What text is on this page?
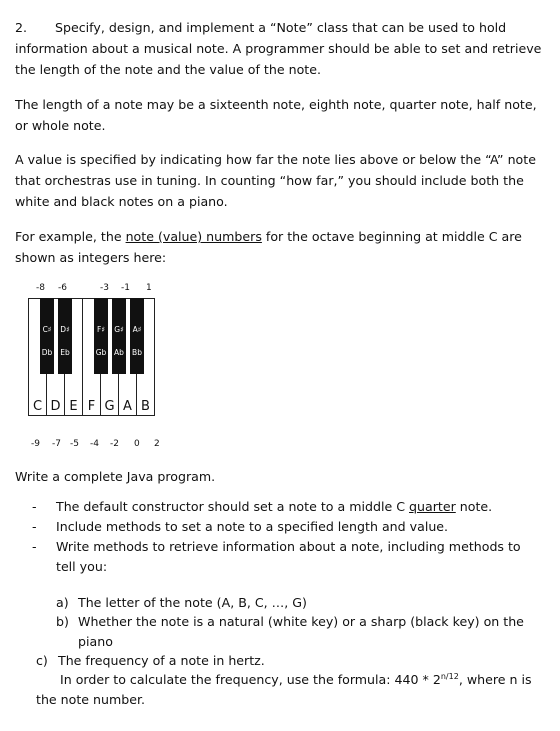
2. Specify, design, and implement a “Note” class that can be used to hold information about a musical note. A programmer should be able to set and retrieve the length of the note and the value of the note.

The length of a note may be a sixteenth note, eighth note, quarter note, half note, or whole note.

A value is specified by indicating how far the note lies above or below the “A” note that orchestras use in tuning. In counting “how far,” you should include both the white and black notes on a piano.

For example, the note (value) numbers for the octave beginning at middle C are shown as integers here:

-8 -6	-3 -1 1
C D E F G A B
C♯
Db
D♯
Eb
F♯
Gb
G♯
Ab
A♯
Bb
-9 -7 -5 -4 -2 0 2

Write a complete Java program.

- The default constructor should set a note to a middle C quarter note.
- Include methods to set a note to a specified length and value.
- Write methods to retrieve information about a note, including methods to tell you:

a) The letter of the note (A, B, C, …, G)

b) Whether the note is a natural (white key) or a sharp (black key) on the piano

c) The frequency of a note in hertz.

In order to calculate the frequency, use the formula: $440 * 2^{n/12}$, where n is the note number.
